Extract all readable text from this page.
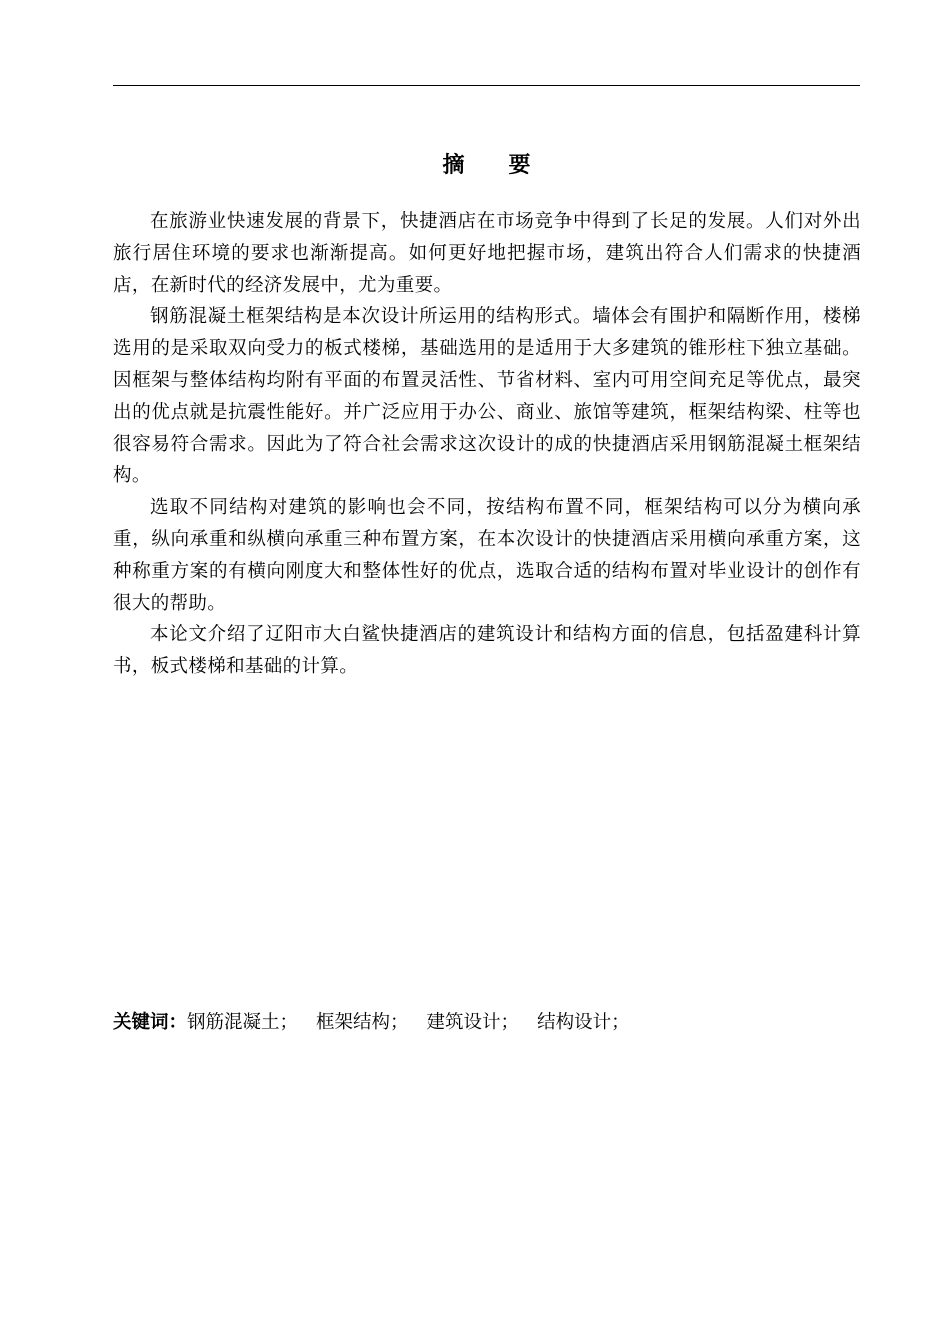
摘 要

在旅游业快速发展的背景下，快捷酒店在市场竞争中得到了长足的发展。人们对外出旅行居住环境的要求也渐渐提高。如何更好地把握市场，建筑出符合人们需求的快捷酒店，在新时代的经济发展中，尤为重要。

钢筋混凝土框架结构是本次设计所运用的结构形式。墙体会有围护和隔断作用，楼梯选用的是采取双向受力的板式楼梯，基础选用的是适用于大多建筑的锥形柱下独立基础。因框架与整体结构均附有平面的布置灵活性、节省材料、室内可用空间充足等优点，最突出的优点就是抗震性能好。并广泛应用于办公、商业、旅馆等建筑，框架结构梁、柱等也很容易符合需求。因此为了符合社会需求这次设计的成的快捷酒店采用钢筋混凝土框架结构。

选取不同结构对建筑的影响也会不同，按结构布置不同，框架结构可以分为横向承重，纵向承重和纵横向承重三种布置方案，在本次设计的快捷酒店采用横向承重方案，这种称重方案的有横向刚度大和整体性好的优点，选取合适的结构布置对毕业设计的创作有很大的帮助。

本论文介绍了辽阳市大白鲨快捷酒店的建筑设计和结构方面的信息，包括盈建科计算书，板式楼梯和基础的计算。

关键词：钢筋混凝土； 框架结构； 建筑设计； 结构设计；
